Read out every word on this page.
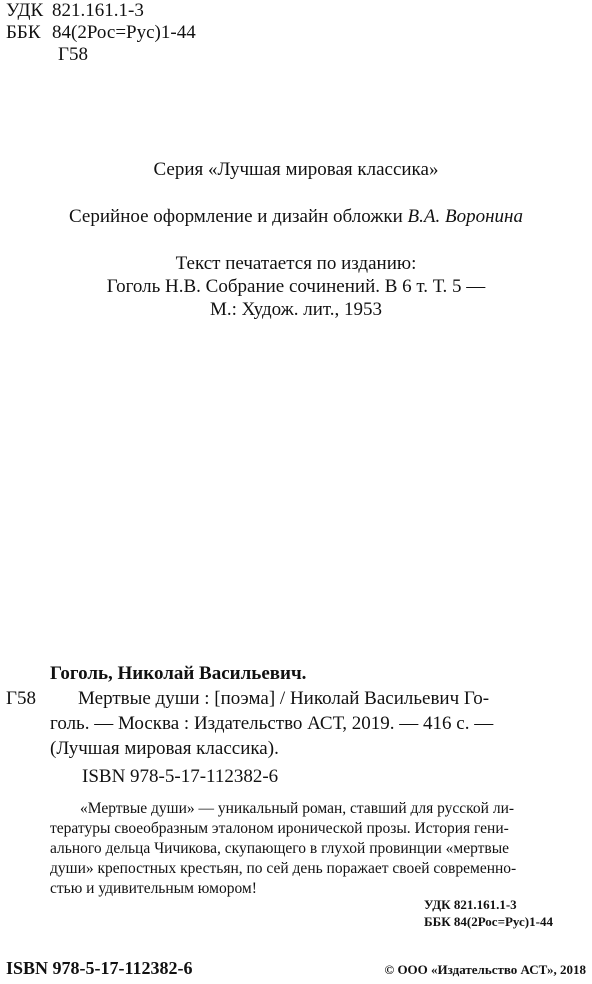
УДК 821.161.1-3
ББК 84(2Рос=Рус)1-44
Г58
Серия «Лучшая мировая классика»
Серийное оформление и дизайн обложки В.А. Воронина
Текст печатается по изданию:
Гоголь Н.В. Собрание сочинений. В 6 т. Т. 5 —
М.: Худож. лит., 1953
Гоголь, Николай Васильевич.
Г58 Мертвые души : [поэма] / Николай Васильевич Го-
голь. — Москва : Издательство АСТ, 2019. — 416 с. —
(Лучшая мировая классика).
ISBN 978-5-17-112382-6
«Мертвые души» — уникальный роман, ставший для русской ли-
тературы своеобразным эталоном иронической прозы. История гени-
ального дельца Чичикова, скупающего в глухой провинции «мертвые
души» крепостных крестьян, по сей день поражает своей современно-
стью и удивительным юмором!
УДК 821.161.1-3
ББК 84(2Рос=Рус)1-44
ISBN 978-5-17-112382-6	© ООО «Издательство АСТ», 2018
